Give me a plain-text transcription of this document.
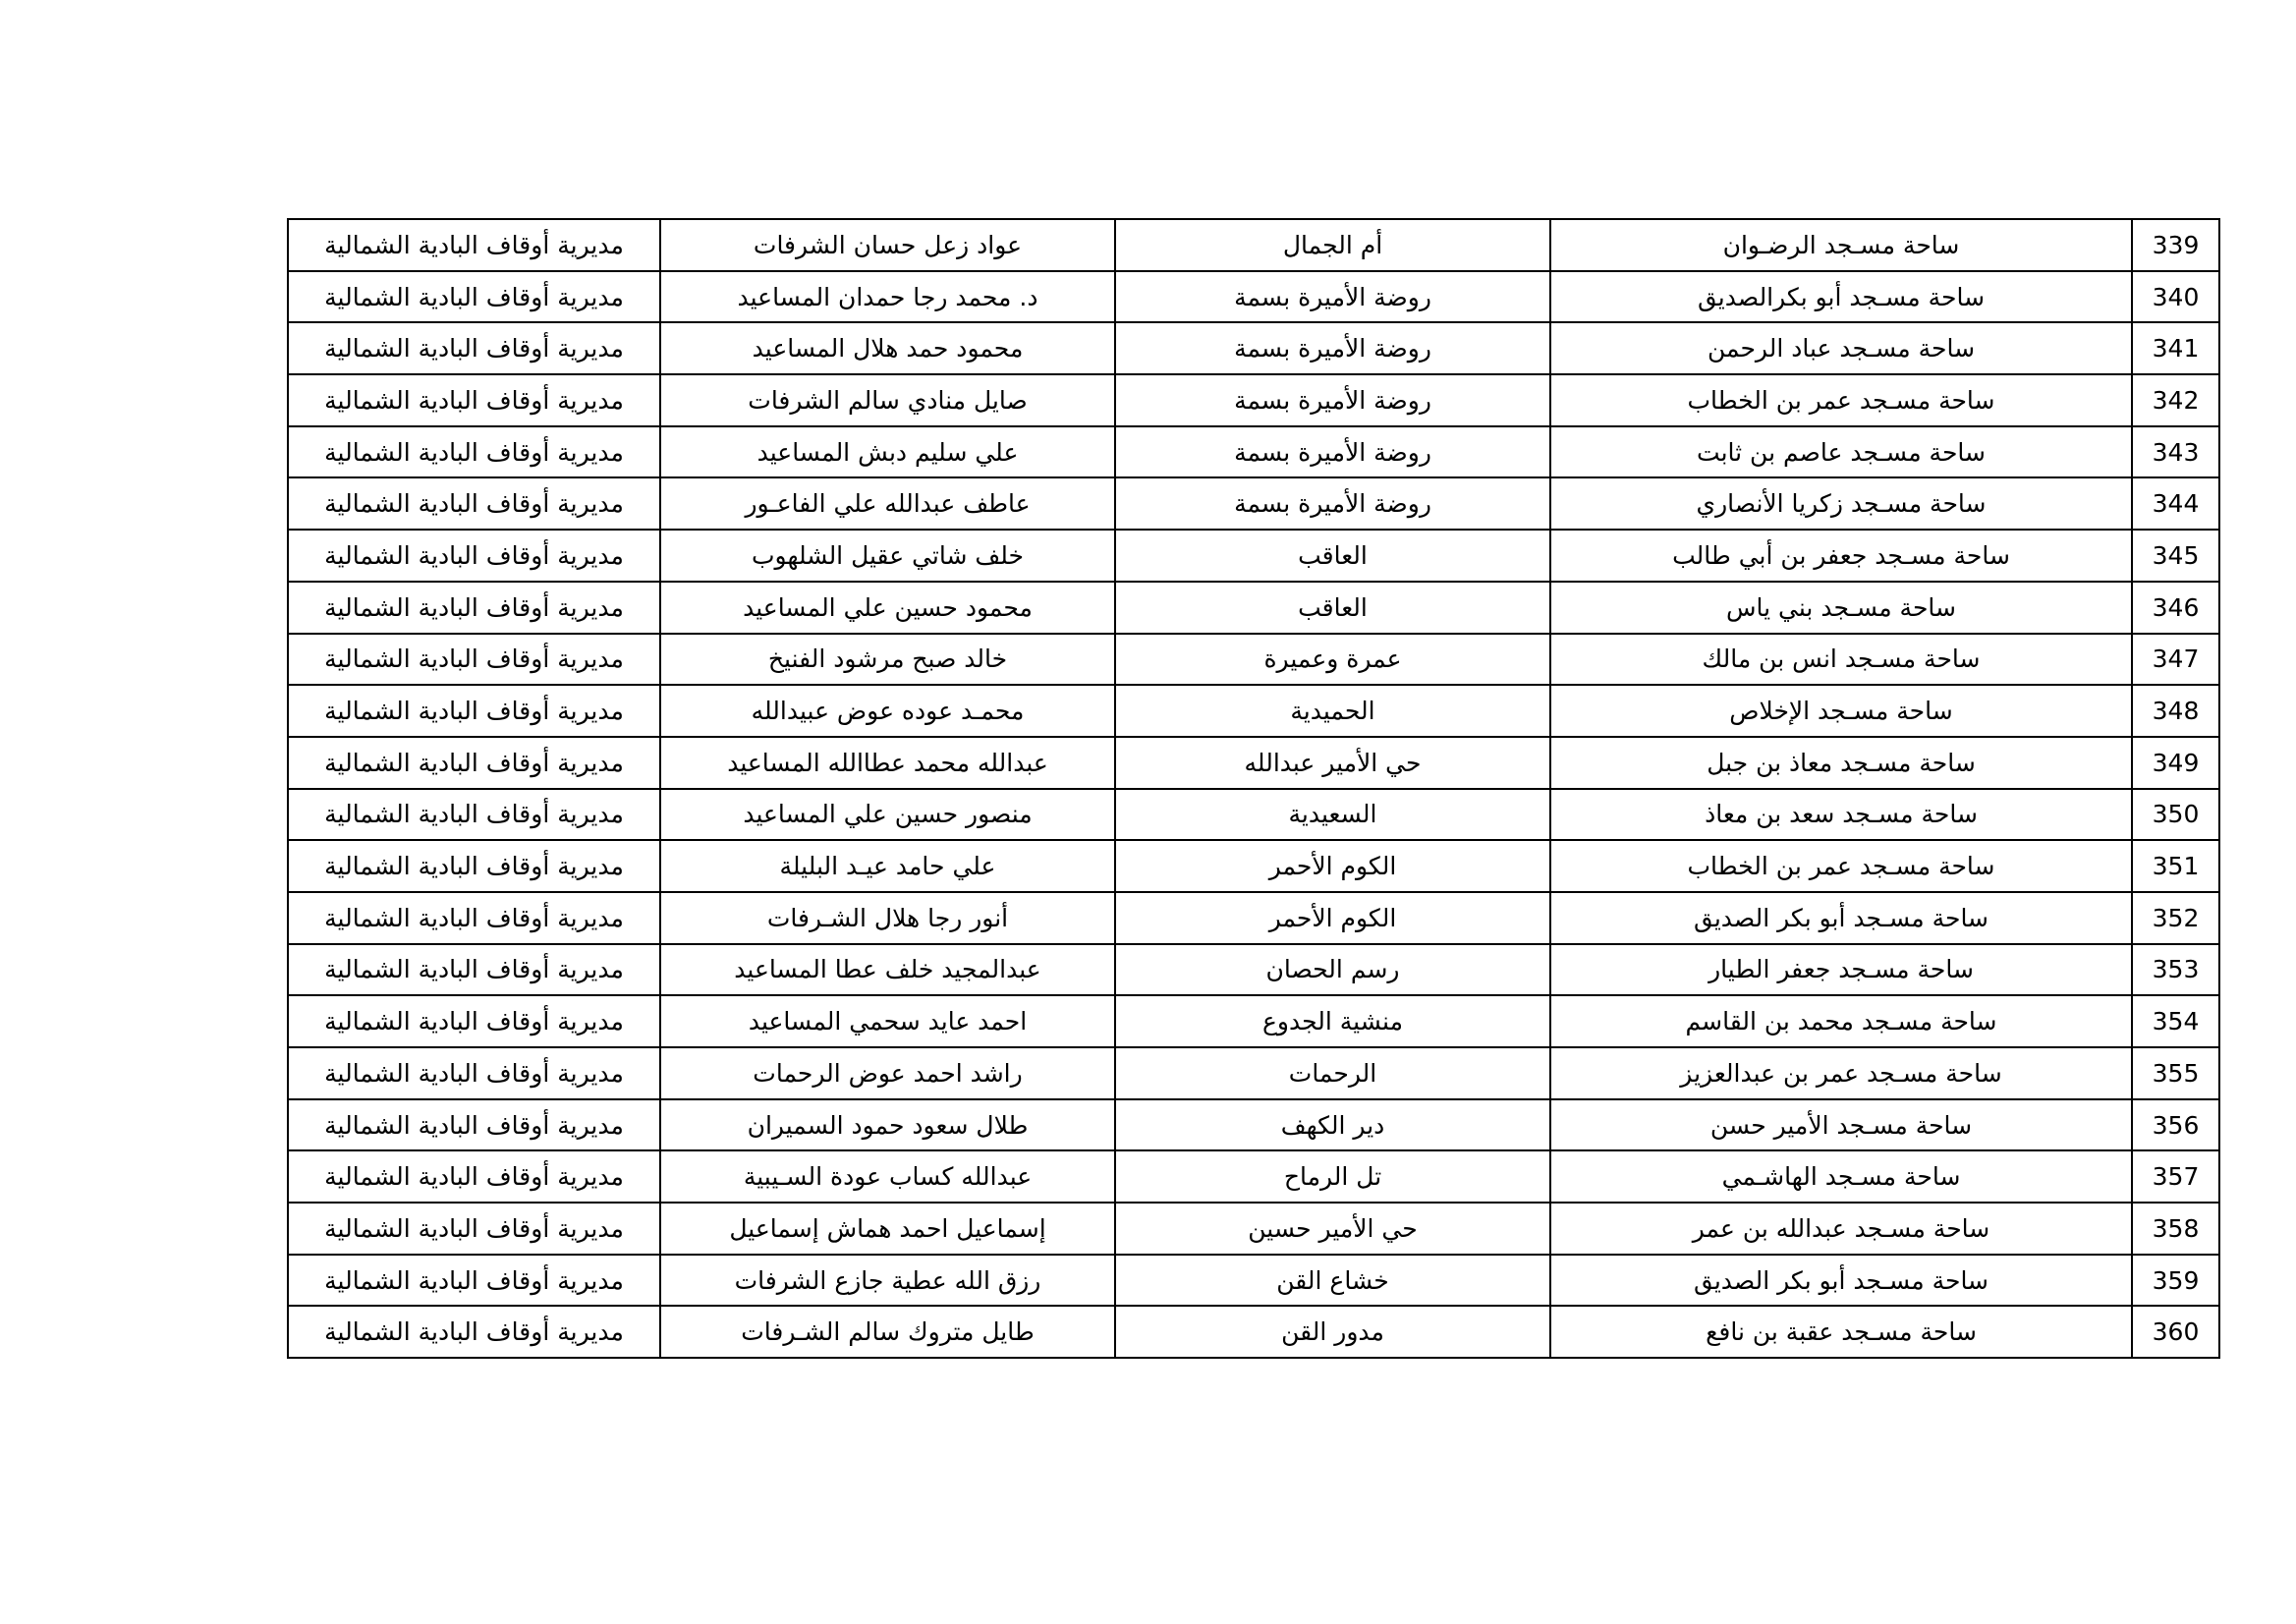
339	ساحة مسـجد الرضـوان	أم الجمال	عواد زعل حسان الشرفات	مديرية أوقاف البادية الشمالية
340	ساحة مسـجد أبو بكرالصديق	روضة الأميرة بسمة	د. محمد رجا حمدان المساعيد	مديرية أوقاف البادية الشمالية
341	ساحة مسـجد عباد الرحمن	روضة الأميرة بسمة	محمود حمد هلال المساعيد	مديرية أوقاف البادية الشمالية
342	ساحة مسـجد عمر بن الخطاب	روضة الأميرة بسمة	صايل منادي سالم الشرفات	مديرية أوقاف البادية الشمالية
343	ساحة مسـجد عاصم بن ثابت	روضة الأميرة بسمة	علي سليم دبش المساعيد	مديرية أوقاف البادية الشمالية
344	ساحة مسـجد زكريا الأنصاري	روضة الأميرة بسمة	عاطف عبدالله علي الفاعـور	مديرية أوقاف البادية الشمالية
345	ساحة مسـجد جعفر بن أبي طالب	العاقب	خلف شاتي عقيل الشلهوب	مديرية أوقاف البادية الشمالية
346	ساحة مسـجد بني ياس	العاقب	محمود حسين علي المساعيد	مديرية أوقاف البادية الشمالية
347	ساحة مسـجد انس بن مالك	عمرة وعميرة	خالد صبح مرشود الفنيخ	مديرية أوقاف البادية الشمالية
348	ساحة مسـجد الإخلاص	الحميدية	محمـد عوده عوض عبيدالله	مديرية أوقاف البادية الشمالية
349	ساحة مسـجد معاذ بن جبل	حي الأمير عبدالله	عبدالله محمد عطاالله المساعيد	مديرية أوقاف البادية الشمالية
350	ساحة مسـجد سعد بن معاذ	السعيدية	منصور حسين علي المساعيد	مديرية أوقاف البادية الشمالية
351	ساحة مسـجد عمر بن الخطاب	الكوم الأحمر	علي حامد عيـد البليلة	مديرية أوقاف البادية الشمالية
352	ساحة مسـجد أبو بكر الصديق	الكوم الأحمر	أنور رجا هلال الشـرفات	مديرية أوقاف البادية الشمالية
353	ساحة مسـجد جعفر الطيار	رسم الحصان	عبدالمجيد خلف عطا المساعيد	مديرية أوقاف البادية الشمالية
354	ساحة مسـجد محمد بن القاسم	منشية الجدوع	احمد عايد سحمي المساعيد	مديرية أوقاف البادية الشمالية
355	ساحة مسـجد عمر بن عبدالعزيز	الرحمات	راشد احمد عوض الرحمات	مديرية أوقاف البادية الشمالية
356	ساحة مسـجد الأمير حسن	دير الكهف	طلال سعود حمود السميران	مديرية أوقاف البادية الشمالية
357	ساحة مسـجد الهاشـمي	تل الرماح	عبدالله كساب عودة السـيبية	مديرية أوقاف البادية الشمالية
358	ساحة مسـجد عبدالله بن عمر	حي الأمير حسين	إسماعيل احمد هماش إسماعيل	مديرية أوقاف البادية الشمالية
359	ساحة مسـجد أبو بكر الصديق	خشاع القن	رزق الله عطية جازع الشرفات	مديرية أوقاف البادية الشمالية
360	ساحة مسـجد عقبة بن نافع	مدور القن	طايل متروك سالم الشـرفات	مديرية أوقاف البادية الشمالية
